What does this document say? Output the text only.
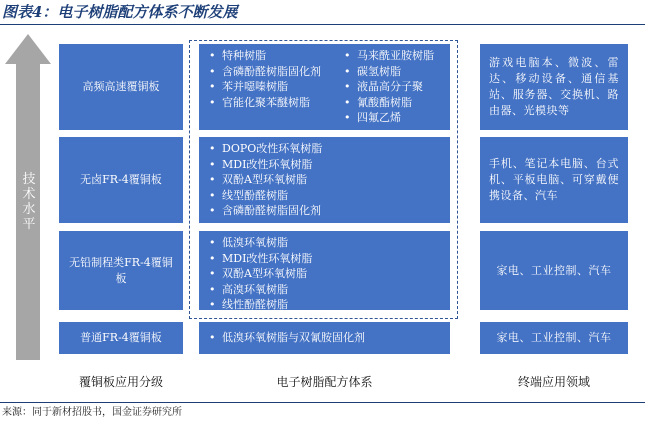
图表4：电子树脂配方体系不断发展
技术水平
高频高速覆铜板
无卤FR-4覆铜板
无铅制程类FR-4覆铜板
普通FR-4覆铜板
• 特种树脂
• 含磷酚醛树脂固化剂
• 苯并噁嗪树脂
• 官能化聚苯醚树脂
• 马来酰亚胺树脂
• 碳氢树脂
• 液晶高分子聚
• 氰酸酯树脂
• 四氟乙烯
• DOPO改性环氧树脂
• MDI改性环氧树脂
• 双酚A型环氧树脂
• 线型酚醛树脂
• 含磷酚醛树脂固化剂
• 低溴环氧树脂
• MDI改性环氧树脂
• 双酚A型环氧树脂
• 高溴环氧树脂
• 线性酚醛树脂
• 低溴环氧树脂与双氰胺固化剂
游戏电脑本、微波、雷达、移动设备、通信基站、服务器、交换机、路由器、光模块等
手机、笔记本电脑、台式机、平板电脑、可穿戴便携设备、汽车
家电、工业控制、汽车
家电、工业控制、汽车
覆铜板应用分级	电子树脂配方体系	终端应用领域
来源：同于新材招股书，国金证券研究所
